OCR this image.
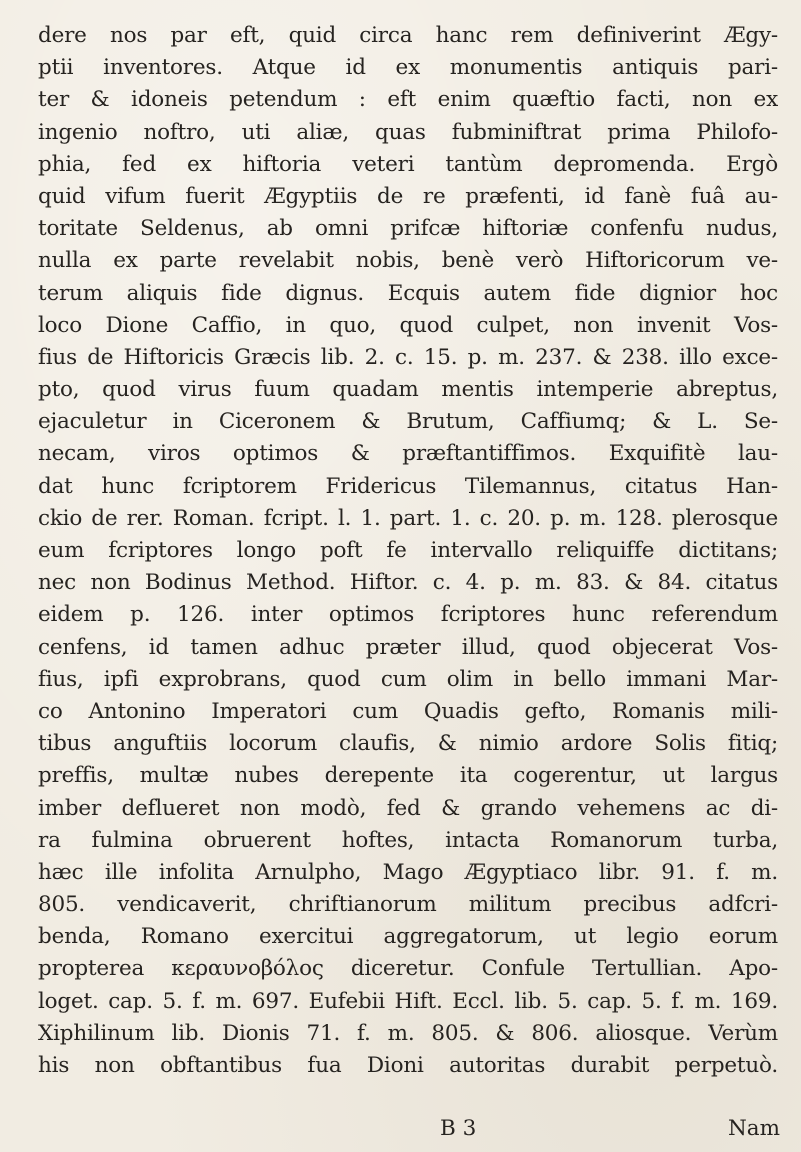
dere nos par eft, quid circa hanc rem definiverint Ægy-
ptii inventores. Atque id ex monumentis antiquis pari-
ter & idoneis petendum : eft enim quæftio facti, non ex
ingenio noftro, uti aliæ, quas fubminiftrat prima Philofo-
phia, fed ex hiftoria veteri tantùm depromenda. Ergò
quid vifum fuerit Ægyptiis de re præfenti, id fanè fuâ au-
toritate Seldenus, ab omni prifcæ hiftoriæ confenfu nudus,
nulla ex parte revelabit nobis, benè verò Hiftoricorum ve-
terum aliquis fide dignus. Ecquis autem fide dignior hoc
loco Dione Caffio, in quo, quod culpet, non invenit Vos-
fius de Hiftoricis Græcis lib. 2. c. 15. p. m. 237. & 238. illo exce-
pto, quod virus fuum quadam mentis intemperie abreptus,
ejaculetur in Ciceronem & Brutum, Caffiumq; & L. Se-
necam, viros optimos & præftantiffimos. Exquifitè lau-
dat hunc fcriptorem Fridericus Tilemannus, citatus Han-
ckio de rer. Roman. fcript. l. 1. part. 1. c. 20. p. m. 128. plerosque
eum fcriptores longo poft fe intervallo reliquiffe dictitans;
nec non Bodinus Method. Hiftor. c. 4. p. m. 83. & 84. citatus
eidem p. 126. inter optimos fcriptores hunc referendum
cenfens, id tamen adhuc præter illud, quod objecerat Vos-
fius, ipfi exprobrans, quod cum olim in bello immani Mar-
co Antonino Imperatori cum Quadis gefto, Romanis mili-
tibus anguftiis locorum claufis, & nimio ardore Solis fitiq;
preffis, multæ nubes derepente ita cogerentur, ut largus
imber deflueret non modò, fed & grando vehemens ac di-
ra fulmina obruerent hoftes, intacta Romanorum turba,
hæc ille infolita Arnulpho, Mago Ægyptiaco libr. 91. f. m.
805. vendicaverit, chriftianorum militum precibus adfcri-
benda, Romano exercitui aggregatorum, ut legio eorum
propterea κεραυνοβόλος diceretur. Confule Tertullian. Apo-
loget. cap. 5. f. m. 697. Eufebii Hift. Eccl. lib. 5. cap. 5. f. m. 169.
Xiphilinum lib. Dionis 71. f. m. 805. & 806. aliosque. Verùm
his non obftantibus fua Dioni autoritas durabit perpetuò.
B 3	Nam
